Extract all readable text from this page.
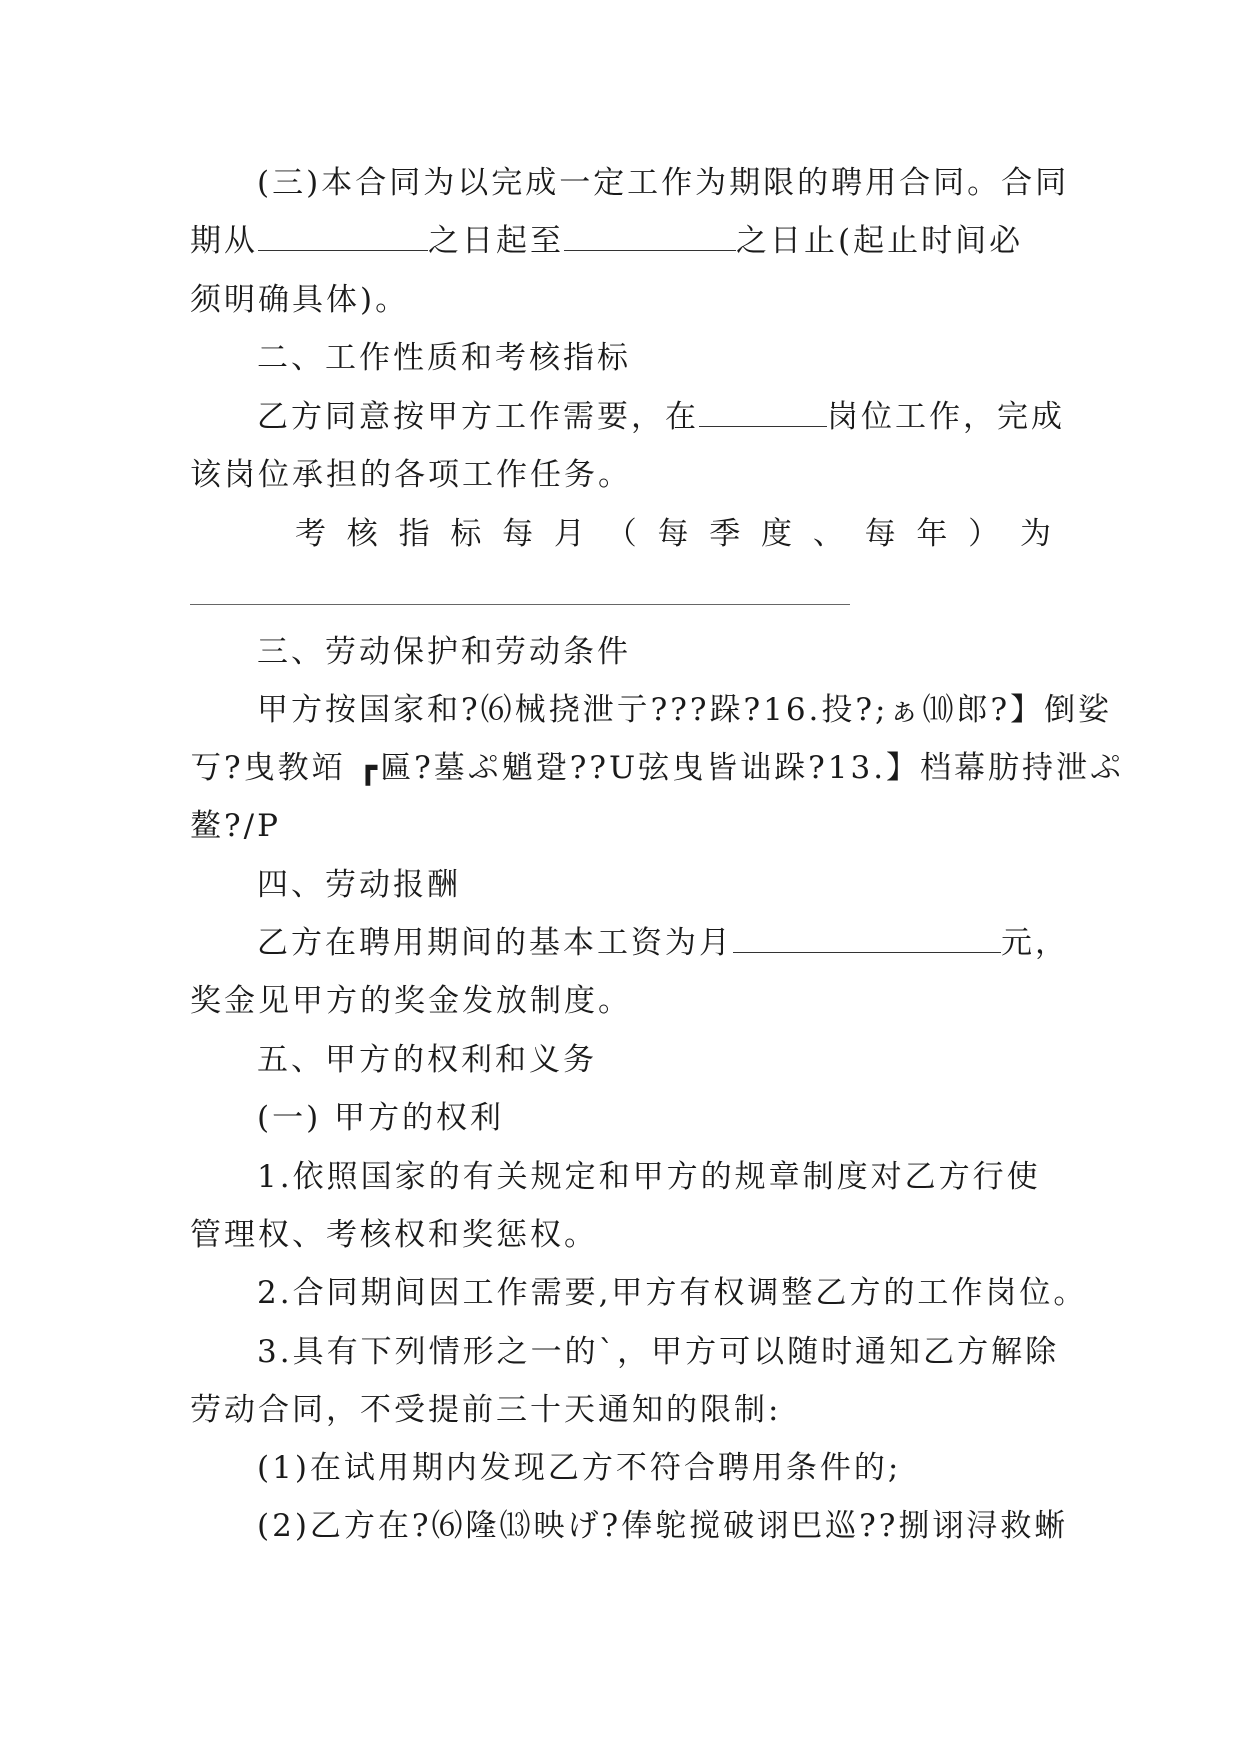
(三)本合同为以完成一定工作为期限的聘用合同。合同
期从	之日起至	之日止(起止时间必
须明确具体)。
二、工作性质和考核指标
乙方同意按甲方工作需要，在	岗位工作，完成
该岗位承担的各项工作任务。
考 核 指 标 每 月 （ 每 季 度 、 每 年 ） 为
三、劳动保护和劳动条件
甲方按国家和?⑹械挠泄亍???跺?16.投?;ぁ⑽郎?】倒娑
丂?曳教竡 ┏匾?墓ぷ魈跫??U弦曳皆诎跺?13.】档幕肪持泄ぷ
鳌?/P
四、劳动报酬
乙方在聘用期间的基本工资为月	元，
奖金见甲方的奖金发放制度。
五、甲方的权利和义务
(一) 甲方的权利
1.依照国家的有关规定和甲方的规章制度对乙方行使
管理权、考核权和奖惩权。
2.合同期间因工作需要,甲方有权调整乙方的工作岗位。
3.具有下列情形之一的`，甲方可以随时通知乙方解除
劳动合同，不受提前三十天通知的限制:
(1)在试用期内发现乙方不符合聘用条件的;
(2)乙方在?⑹隆⒀映げ?俸鸵搅破诩巴巡??捌诩浔救蜥
